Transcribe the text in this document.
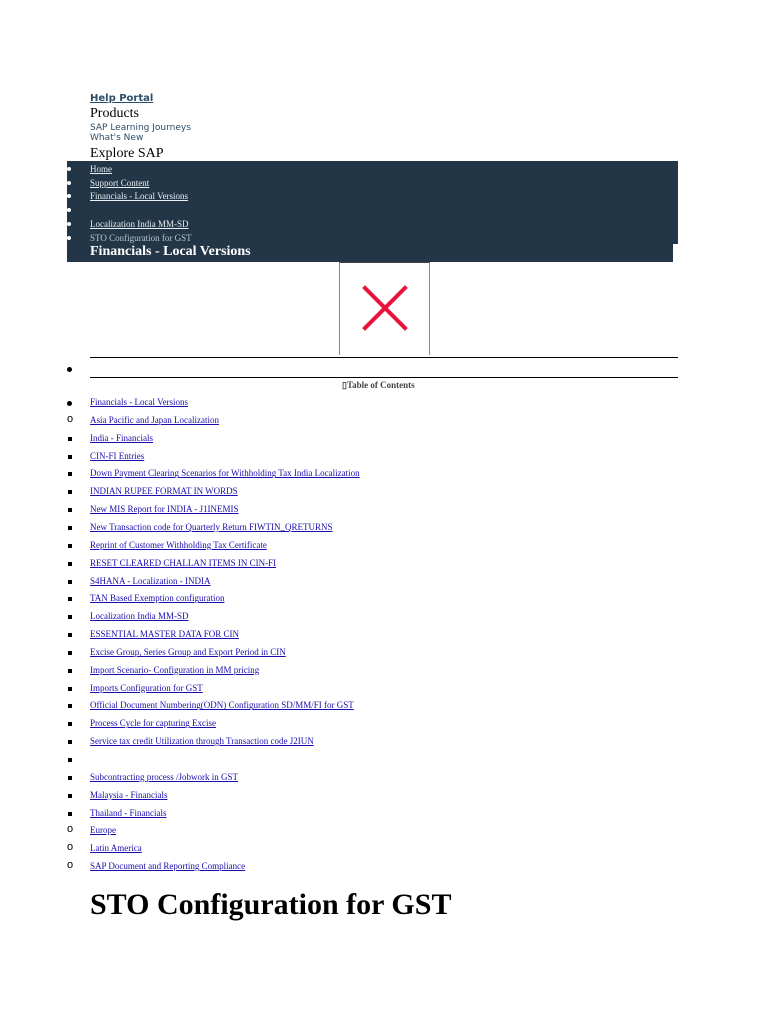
Help Portal
Products
SAP Learning Journeys
What's New
Explore SAP
Home
Support Content
Financials - Local Versions
Localization India MM-SD
STO Configuration for GST
Financials - Local Versions
▯Table of Contents
Financials - Local Versions
o Asia Pacific and Japan Localization
India - Financials
CIN-FI Entries
Down Payment Clearing Scenarios for Withholding Tax India Localization
INDIAN RUPEE FORMAT IN WORDS
New MIS Report for INDIA - J1INEMIS
New Transaction code for Quarterly Return FIWTIN_QRETURNS
Reprint of Customer Withholding Tax Certificate
RESET CLEARED CHALLAN ITEMS IN CIN-FI
S4HANA - Localization - INDIA
TAN Based Exemption configuration
Localization India MM-SD
ESSENTIAL MASTER DATA FOR CIN
Excise Group, Series Group and Export Period in CIN
Import Scenario- Configuration in MM pricing
Imports Configuration for GST
Official Document Numbering(ODN) Configuration SD/MM/FI for GST
Process Cycle for capturing Excise
Service tax credit Utilization through Transaction code J2IUN
Subcontracting process /Jobwork in GST
Malaysia - Financials
Thailand - Financials
o Europe
o Latin America
o SAP Document and Reporting Compliance
STO Configuration for GST
